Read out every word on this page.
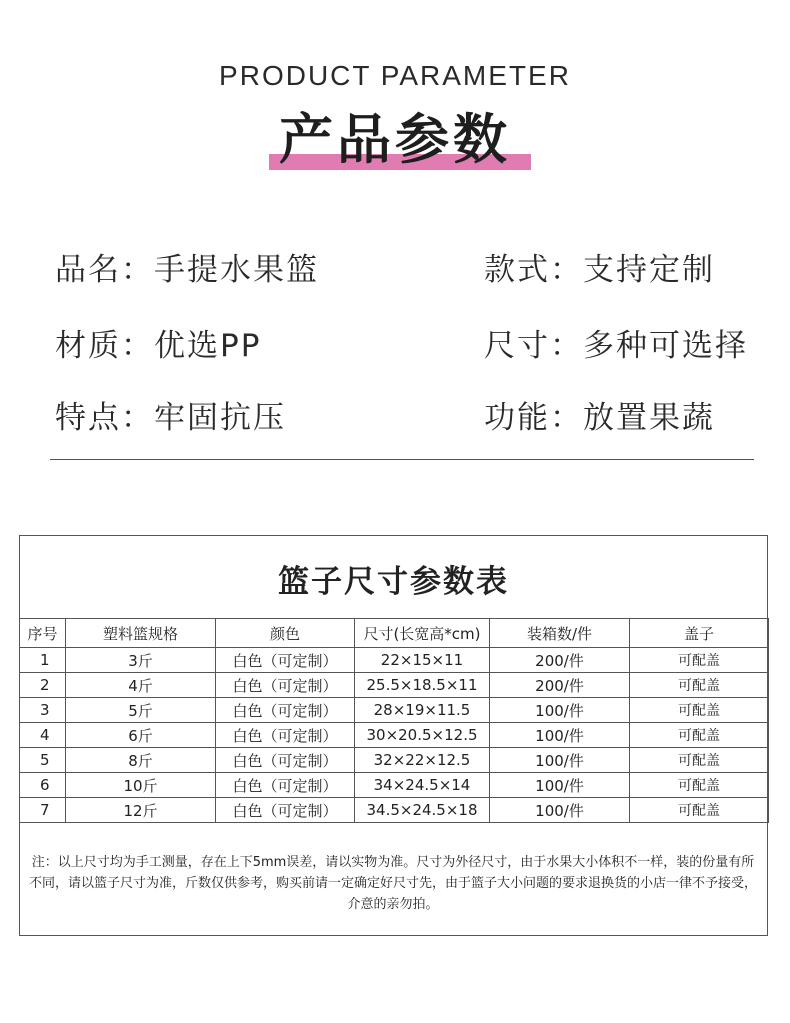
PRODUCT PARAMETER
产品参数
品名：手提水果篮	款式：支持定制
材质：优选PP	尺寸：多种可选择
特点：牢固抗压	功能：放置果蔬
篮子尺寸参数表
序号	塑料篮规格	颜色	尺寸(长宽高*cm)	装箱数/件	盖子
1	3斤	白色（可定制）	22×15×11	200/件	可配盖
2	4斤	白色（可定制）	25.5×18.5×11	200/件	可配盖
3	5斤	白色（可定制）	28×19×11.5	100/件	可配盖
4	6斤	白色（可定制）	30×20.5×12.5	100/件	可配盖
5	8斤	白色（可定制）	32×22×12.5	100/件	可配盖
6	10斤	白色（可定制）	34×24.5×14	100/件	可配盖
7	12斤	白色（可定制）	34.5×24.5×18	100/件	可配盖
注：以上尺寸均为手工测量，存在上下5mm误差，请以实物为准。尺寸为外径尺寸，由于水果大小体积不一样，装的份量有所不同，请以篮子尺寸为准，斤数仅供参考，购买前请一定确定好尺寸先，由于篮子大小问题的要求退换货的小店一律不予接受，介意的亲勿拍。
